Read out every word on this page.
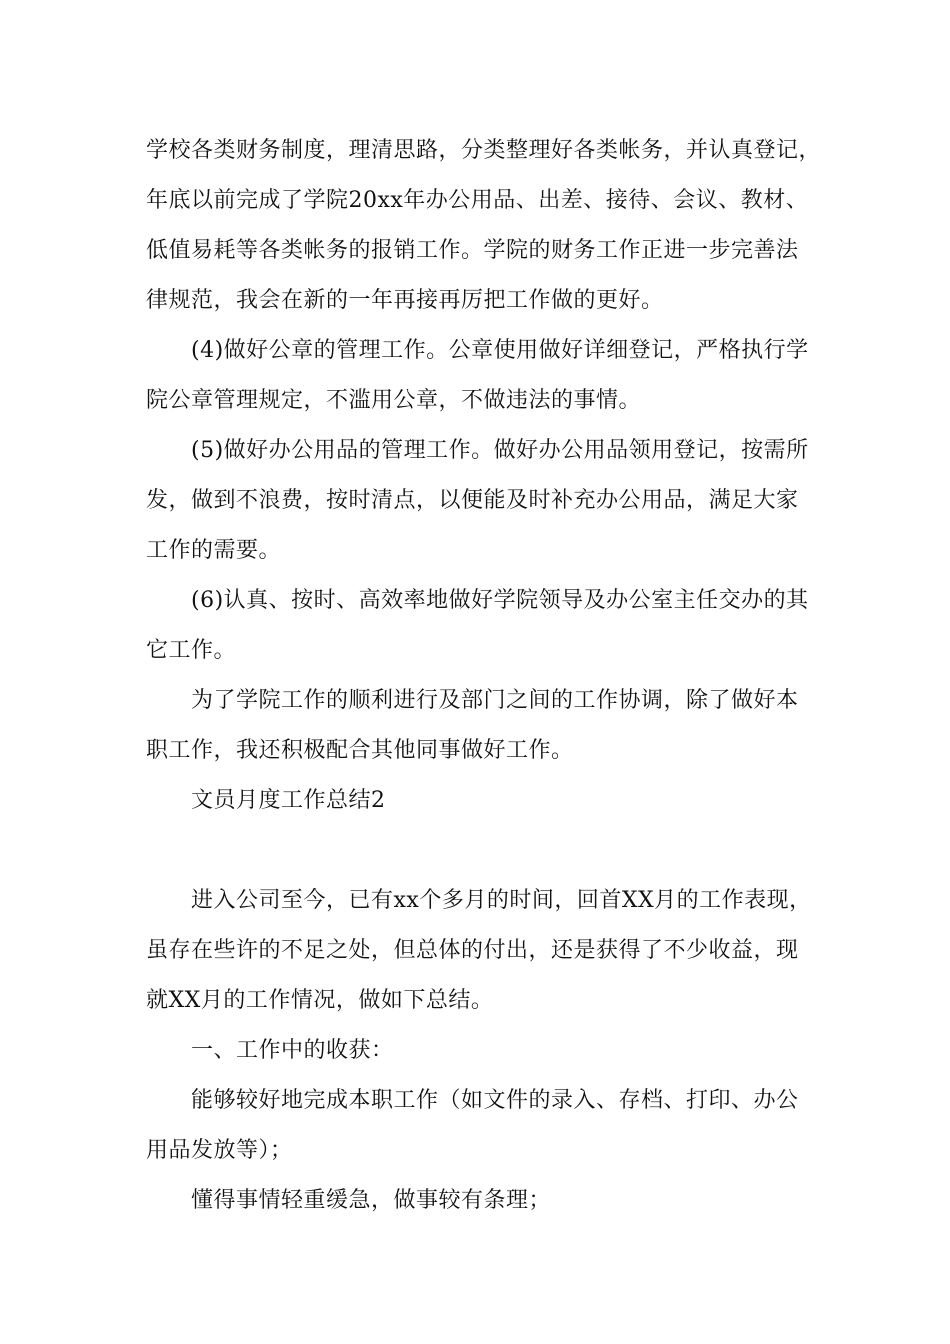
学校各类财务制度，理清思路，分类整理好各类帐务，并认真登记，
年底以前完成了学院20xx年办公用品、出差、接待、会议、教材、
低值易耗等各类帐务的报销工作。学院的财务工作正进一步完善法
律规范，我会在新的一年再接再厉把工作做的更好。
(4)做好公章的管理工作。公章使用做好详细登记，严格执行学
院公章管理规定，不滥用公章，不做违法的事情。
(5)做好办公用品的管理工作。做好办公用品领用登记，按需所
发，做到不浪费，按时清点，以便能及时补充办公用品，满足大家
工作的需要。
(6)认真、按时、高效率地做好学院领导及办公室主任交办的其
它工作。
为了学院工作的顺利进行及部门之间的工作协调，除了做好本
职工作，我还积极配合其他同事做好工作。
文员月度工作总结2
进入公司至今，已有xx个多月的时间，回首XX月的工作表现，
虽存在些许的不足之处，但总体的付出，还是获得了不少收益，现
就XX月的工作情况，做如下总结。
一、工作中的收获：
能够较好地完成本职工作（如文件的录入、存档、打印、办公
用品发放等）；
懂得事情轻重缓急，做事较有条理；
